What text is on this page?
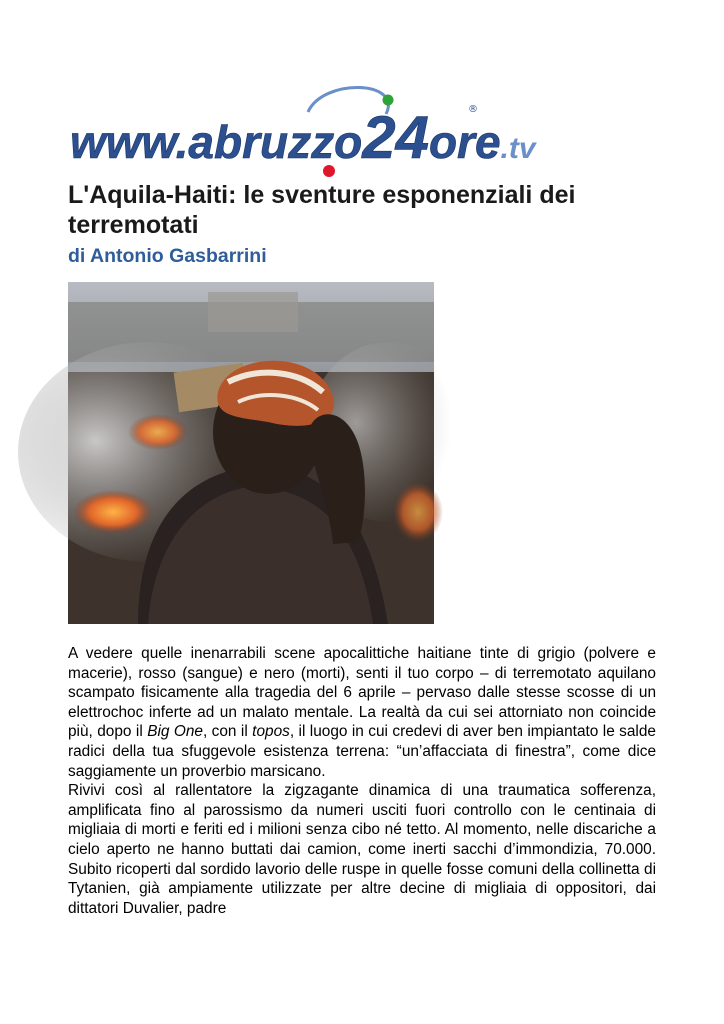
www.abruzzo24ore.tv
®
L'Aquila-Haiti: le sventure esponenziali dei terremotati
di Antonio Gasbarrini

A vedere quelle inenarrabili scene apocalittiche haitiane tinte di grigio (polvere e macerie), rosso (sangue) e nero (morti), senti il tuo corpo – di terremotato aquilano scampato fisicamente alla tragedia del 6 aprile – pervaso dalle stesse scosse di un elettrochoc inferte ad un malato mentale. La realtà da cui sei attorniato non coincide più, dopo il Big One, con il topos, il luogo in cui credevi di aver ben impiantato le salde radici della tua sfuggevole esistenza terrena: “un’affacciata di finestra”, come dice saggiamente un proverbio marsicano.

Rivivi così al rallentatore la zigzagante dinamica di una traumatica sofferenza, amplificata fino al parossismo da numeri usciti fuori controllo con le centinaia di migliaia di morti e feriti ed i milioni senza cibo né tetto. Al momento, nelle discariche a cielo aperto ne hanno buttati dai camion, come inerti sacchi d’immondizia, 70.000. Subito ricoperti dal sordido lavorio delle ruspe in quelle fosse comuni della collinetta di Tytanien, già ampiamente utilizzate per altre decine di migliaia di oppositori, dai dittatori Duvalier, padre
